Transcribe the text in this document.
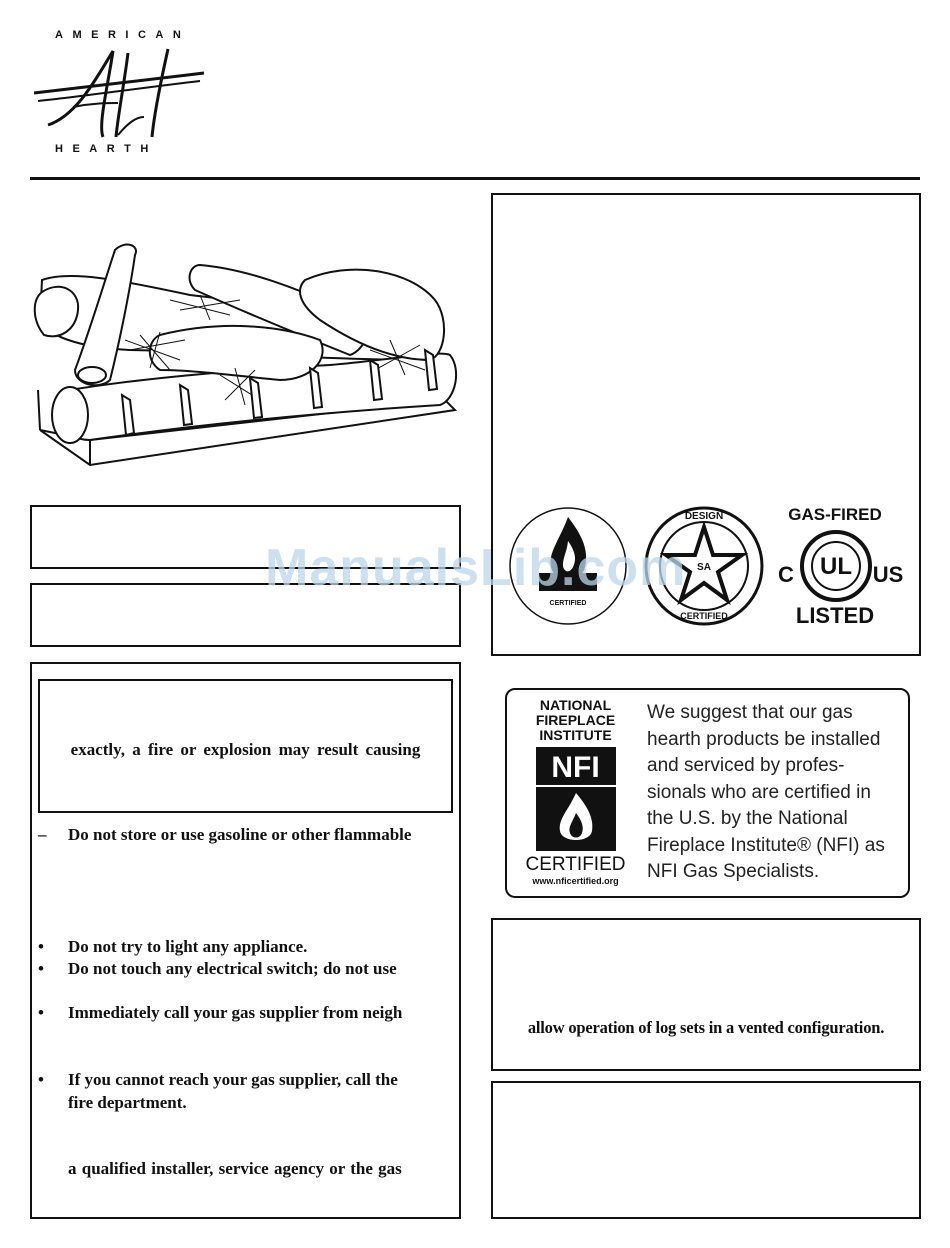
AMERICAN
HEARTH
exactly, a fire or explosion may result causing
– Do not store or use gasoline or other flammable
• Do not try to light any appliance.
• Do not touch any electrical switch; do not use
• Immediately call your gas supplier from neigh
• If you cannot reach your gas supplier, call the
fire department.
a qualified installer, service agency or the gas
CERTIFIED
DESIGN
CERTIFIED
SA
GAS-FIRED
UL
C	US
LISTED
ManualsLib.com
NATIONAL
FIREPLACE
INSTITUTE
NFI
CERTIFIED
www.nficertified.org
We suggest that our gas
hearth products be installed
and serviced by profes-
sionals who are certified in
the U.S. by the National
Fireplace Institute® (NFI) as
NFI Gas Specialists.
allow operation of log sets in a vented configuration.
